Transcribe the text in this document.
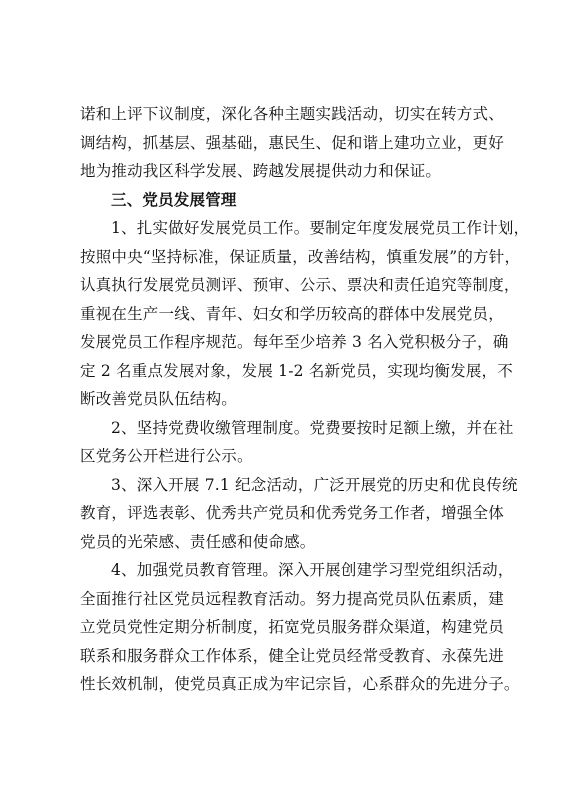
诺和上评下议制度，深化各种主题实践活动，切实在转方式、
调结构，抓基层、强基础，惠民生、促和谐上建功立业，更好
地为推动我区科学发展、跨越发展提供动力和保证。
三、党员发展管理
1、扎实做好发展党员工作。要制定年度发展党员工作计划，
按照中央“坚持标准，保证质量，改善结构，慎重发展”的方针，
认真执行发展党员测评、预审、公示、票决和责任追究等制度，
重视在生产一线、青年、妇女和学历较高的群体中发展党员，
发展党员工作程序规范。每年至少培养 3 名入党积极分子，确
定 2 名重点发展对象，发展 1-2 名新党员，实现均衡发展，不
断改善党员队伍结构。
2、坚持党费收缴管理制度。党费要按时足额上缴，并在社
区党务公开栏进行公示。
3、深入开展 7.1 纪念活动，广泛开展党的历史和优良传统
教育，评选表彰、优秀共产党员和优秀党务工作者，增强全体
党员的光荣感、责任感和使命感。
4、加强党员教育管理。深入开展创建学习型党组织活动，
全面推行社区党员远程教育活动。努力提高党员队伍素质，建
立党员党性定期分析制度，拓宽党员服务群众渠道，构建党员
联系和服务群众工作体系，健全让党员经常受教育、永葆先进
性长效机制，使党员真正成为牢记宗旨，心系群众的先进分子。
